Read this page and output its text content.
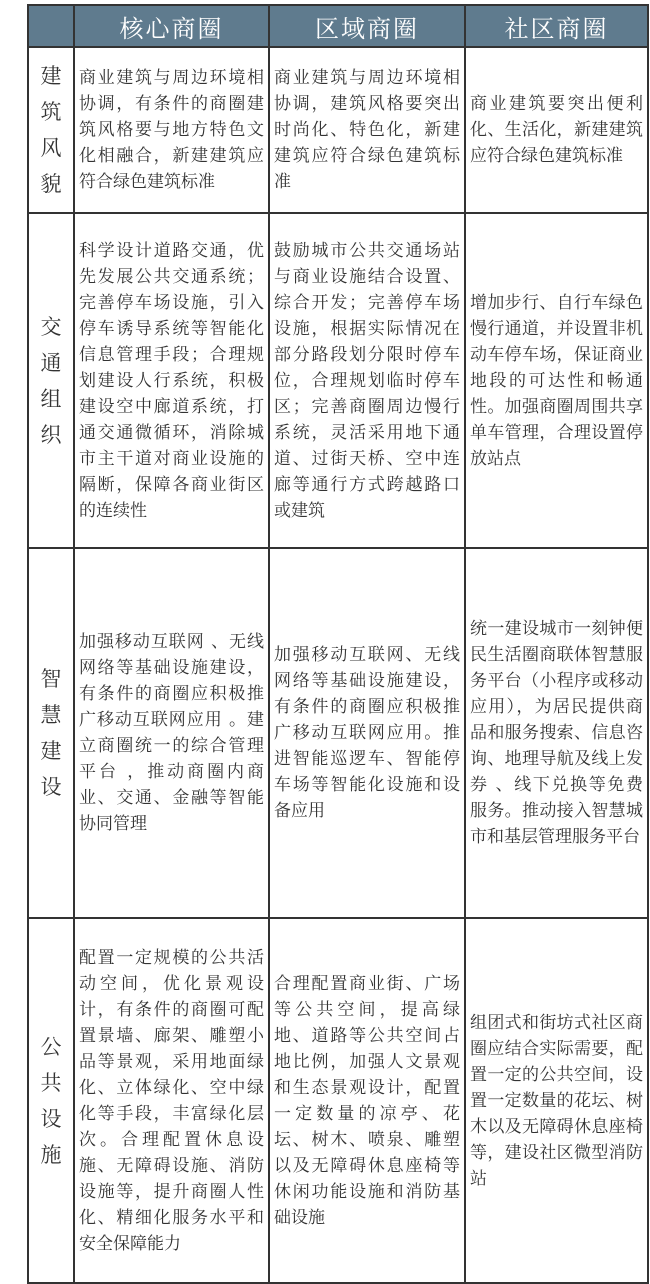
	核心商圈	区域商圈	社区商圈

建
筑
风
貌	商业建筑与周边环境相协调，有条件的商圈建筑风格要与地方特色文化相融合，新建建筑应符合绿色建筑标准	商业建筑与周边环境相协调，建筑风格要突出时尚化、特色化，新建建筑应符合绿色建筑标准	商业建筑要突出便利化、生活化，新建建筑应符合绿色建筑标准

交
通
组
织	科学设计道路交通，优先发展公共交通系统；完善停车场设施，引入停车诱导系统等智能化信息管理手段；合理规划建设人行系统，积极建设空中廊道系统，打通交通微循环，消除城市主干道对商业设施的隔断，保障各商业街区的连续性	鼓励城市公共交通场站与商业设施结合设置、综合开发；完善停车场设施，根据实际情况在部分路段划分限时停车位，合理规划临时停车区；完善商圈周边慢行系统，灵活采用地下通道、过街天桥、空中连廊等通行方式跨越路口或建筑	增加步行、自行车绿色慢行通道，并设置非机动车停车场，保证商业地段的可达性和畅通性。加强商圈周围共享单车管理，合理设置停放站点

智
慧
建
设	加强移动互联网 、无线网络等基础设施建设， 有条件的商圈应积极推广移动互联网应用 。建立商圈统一的综合管理平台 ，推动商圈内商业、交通、金融等智能协同管理	加强移动互联网、无线网络等基础设施建设，有条件的商圈应积极推广移动互联网应用。推进智能巡逻车、智能停车场等智能化设施和设备应用	统一建设城市一刻钟便民生活圈商联体智慧服务平台（小程序或移动应用），为居民提供商品和服务搜索、信息咨询、地理导航及线上发券 、线下兑换等免费服务。推动接入智慧城市和基层管理服务平台

公
共
设
施	配置一定规模的公共活动空间，优化景观设计，有条件的商圈可配置景墙、廊架、雕塑小品等景观，采用地面绿化、立体绿化、空中绿化等手段，丰富绿化层次。合理配置休息设施、无障碍设施、消防设施等，提升商圈人性化、精细化服务水平和安全保障能力	合理配置商业街、广场等公共空间，提高绿地、道路等公共空间占地比例，加强人文景观和生态景观设计，配置一定数量的凉亭、花坛、树木、喷泉、雕塑以及无障碍休息座椅等休闲功能设施和消防基础设施	组团式和街坊式社区商圈应结合实际需要，配置一定的公共空间，设置一定数量的花坛、树木以及无障碍休息座椅等，建设社区微型消防站
